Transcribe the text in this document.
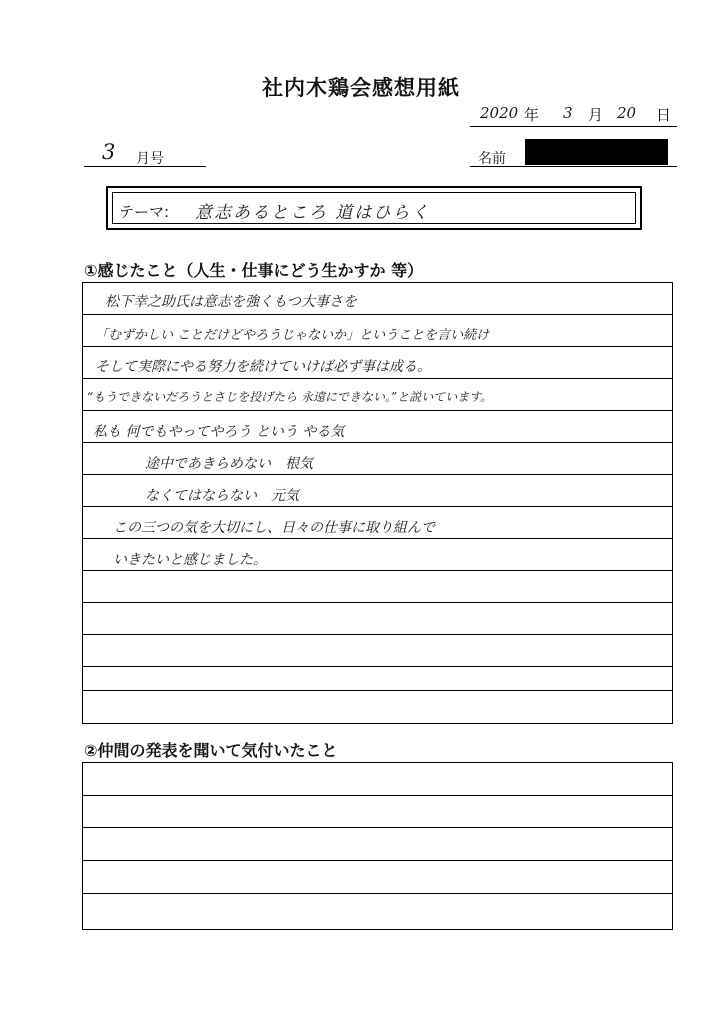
社内木鶏会感想用紙
2020 年 3 月 20 日
3 月号	名前
テーマ: 意志あるところ 道はひらく
①感じたこと（人生・仕事にどう生かすか 等）
松下幸之助氏は意志を強くもつ大事さを
「むずかしい ことだけどやろうじゃないか」ということを言い続け
そして実際にやる努力を続けていけば必ず事は成る。
“もうできないだろうとさじを投げたら 永遠にできない。”と説いています。
私も 何でもやってやろう という やる気
途中であきらめない　根気
なくてはならない　元気
この三つの気を大切にし、日々の仕事に取り組んで
いきたいと感じました。
②仲間の発表を聞いて気付いたこと
